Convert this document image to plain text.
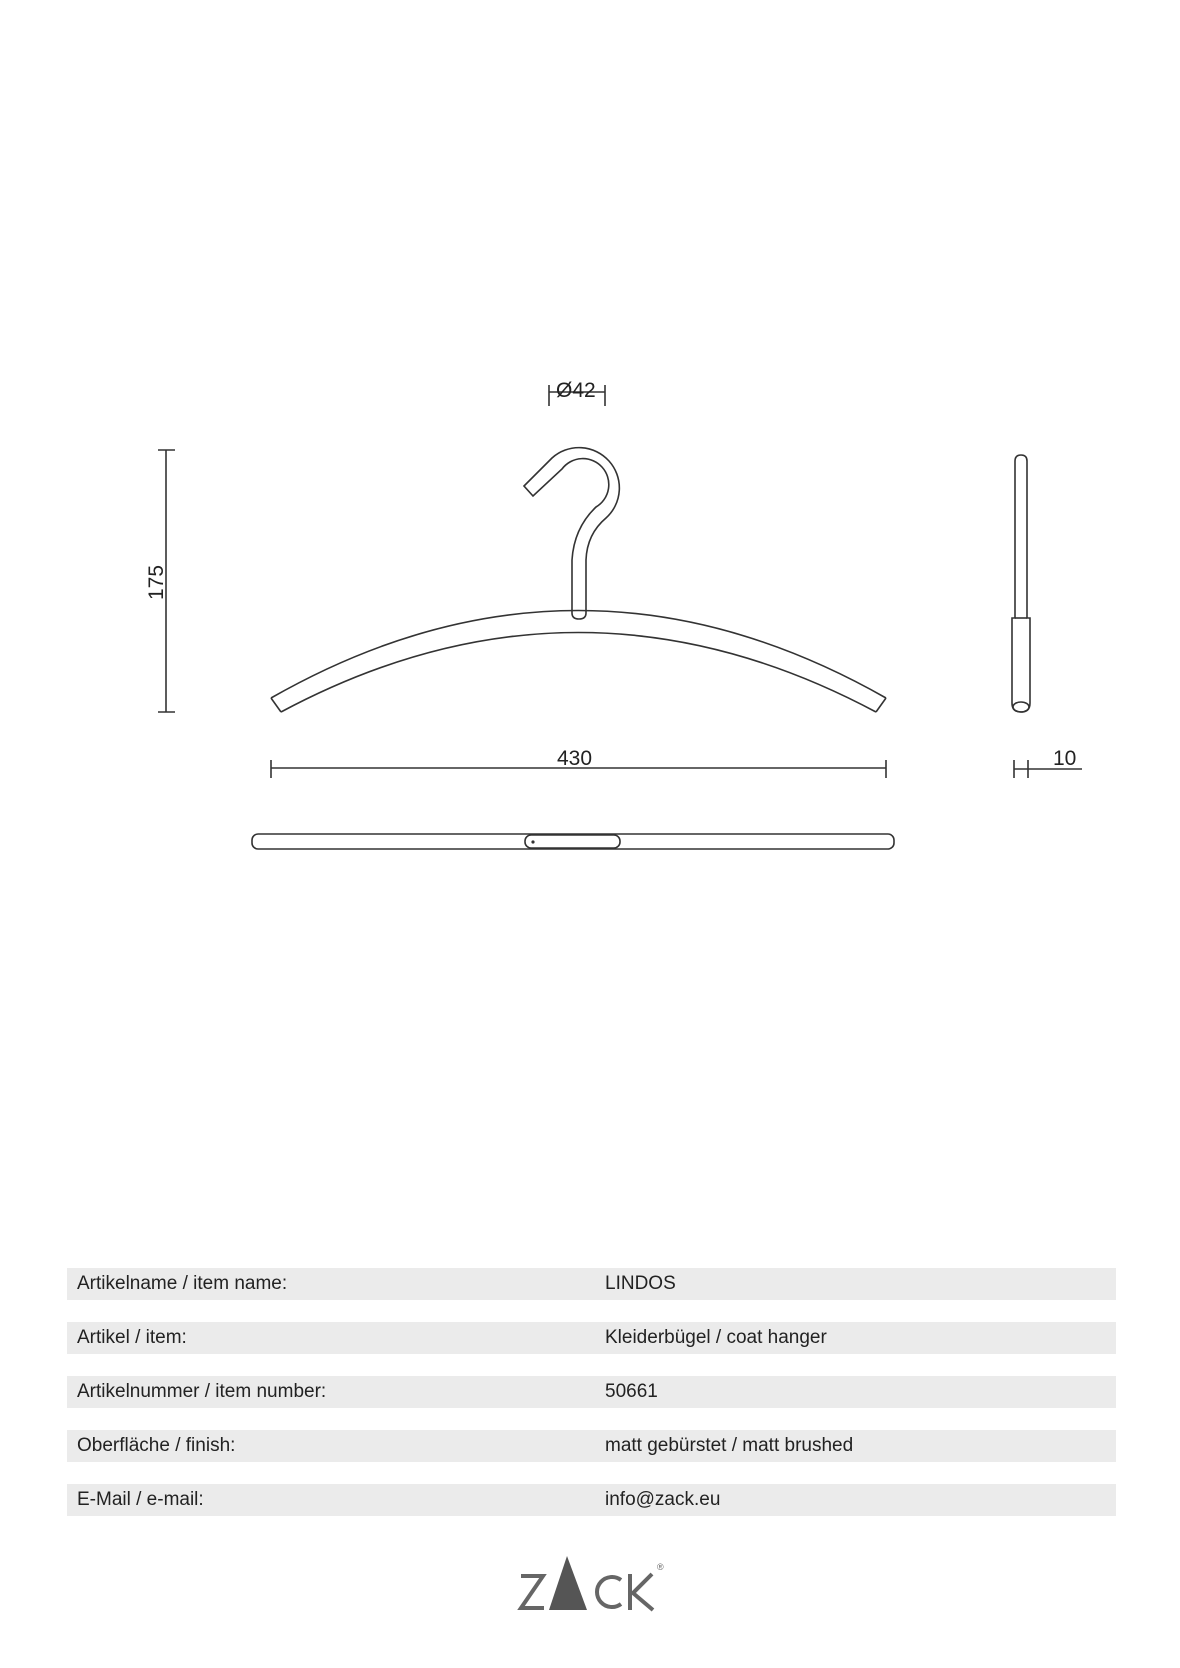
Ø42
175
430	10
Artikelname / item name:	LINDOS
Artikel / item:	Kleiderbügel / coat hanger
Artikelnummer / item number:	50661
Oberfläche / finish:	matt gebürstet / matt brushed
E-Mail / e-mail:	info@zack.eu
®
